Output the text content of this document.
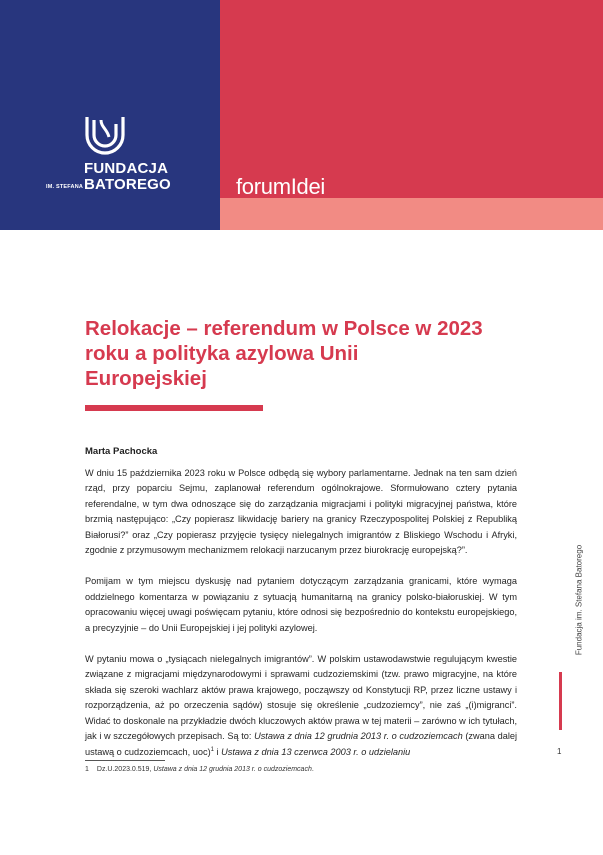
FUNDACJA
IM. STEFANA BATOREGO	forumIdei
Relokacje – referendum w Polsce w 2023 roku a polityka azylowa Unii Europejskiej
Marta Pachocka

W dniu 15 października 2023 roku w Polsce odbędą się wybory parlamentarne. Jednak na ten sam dzień rząd, przy poparciu Sejmu, zaplanował referendum ogólnokrajowe. Sformułowano cztery pytania referendalne, w tym dwa odnoszące się do zarządzania migracjami i polityki migracyjnej państwa, które brzmią następująco: „Czy popierasz likwidację bariery na granicy Rzeczypospolitej Polskiej z Republiką Białorusi?” oraz „Czy popierasz przyjęcie tysięcy nielegalnych imigrantów z Bliskiego Wschodu i Afryki, zgodnie z przymusowym mechanizmem relokacji narzucanym przez biurokrację europejską?”.

Pomijam w tym miejscu dyskusję nad pytaniem dotyczącym zarządzania granicami, które wymaga oddzielnego komentarza w powiązaniu z sytuacją humanitarną na granicy polsko-białoruskiej. W tym opracowaniu więcej uwagi poświęcam pytaniu, które odnosi się bezpośrednio do kontekstu europejskiego, a precyzyjnie – do Unii Europejskiej i jej polityki azylowej.

W pytaniu mowa o „tysiącach nielegalnych imigrantów”. W polskim ustawodawstwie regulującym kwestie związane z migracjami międzynarodowymi i sprawami cudzoziemskimi (tzw. prawo migracyjne, na które składa się szeroki wachlarz aktów prawa krajowego, począwszy od Konstytucji RP, przez liczne ustawy i rozporządzenia, aż po orzeczenia sądów) stosuje się określenie „cudzoziemcy”, nie zaś „(i)migranci”. Widać to doskonale na przykładzie dwóch kluczowych aktów prawa w tej materii – zarówno w ich tytułach, jak i w szczegółowych przepisach. Są to: Ustawa z dnia 12 grudnia 2013 r. o cudzoziemcach (zwana dalej ustawą o cudzoziemcach, uoc)$^1$ i Ustawa z dnia 13 czerwca 2003 r. o udzielaniu

Fundacja im. Stefana Batorego
1
1 Dz.U.2023.0.519, Ustawa z dnia 12 grudnia 2013 r. o cudzoziemcach.
